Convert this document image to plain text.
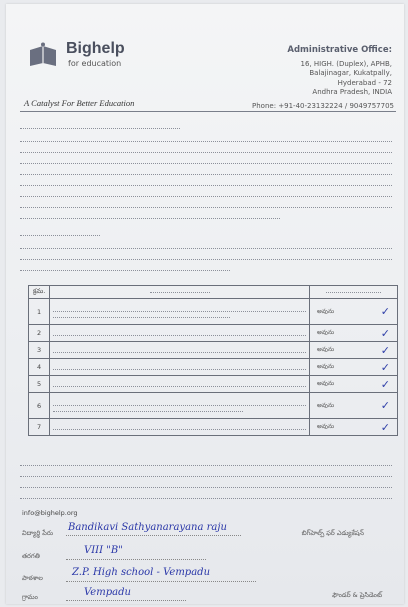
Bighelp
for education
A Catalyst For Better Education
Administrative Office:
16, HIGH. (Duplex), APHB,
Balajinagar, Kukatpally,
Hyderabad - 72
Andhra Pradesh, INDIA
Phone: +91-40-23132224 / 9049757705
క్రమ.	

1		అవును ✓

2		అవును ✓

3		అవును ✓

4		అవును ✓

5		అవును ✓

6		అవును ✓

7		అవును ✓
info@bighelp.org
విద్యార్థి పేరు Bandikavi Sathyanarayana raju
తరగతి	VIII "B"
పాఠశాల	Z.P. High school - Vempadu
గ్రామం	Vempadu
బిగ్‌హెల్ప్ ఫర్ ఎడ్యుకేషన్
ఫౌండర్ & ప్రెసిడెంట్
